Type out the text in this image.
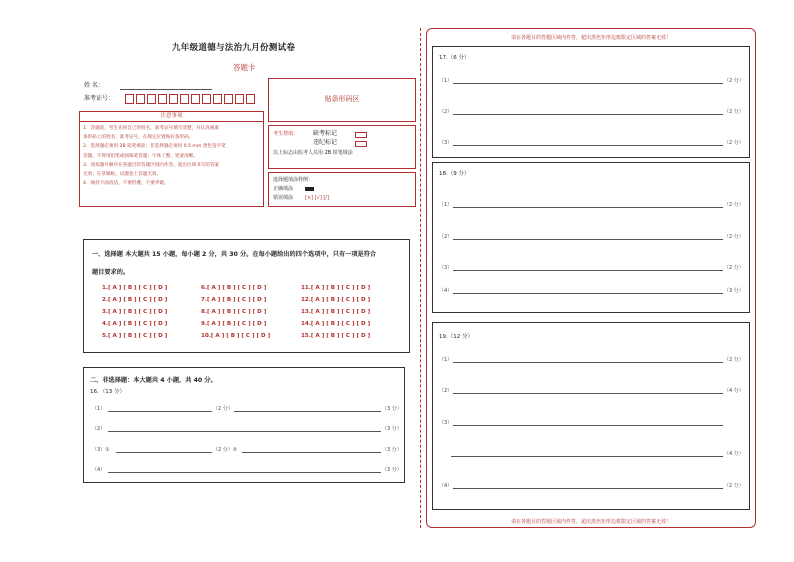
九年级道德与法治九月份测试卷
答题卡
姓 名：
准考证号：	贴条形码区
注意事项
1．答题前，考生先将自己的姓名，准考证号填写清楚，并认真核准
条形码上的姓名、准考证号，在规定位置贴好条形码。
2．选择题必须用 2B 铅笔填涂；非选择题必须用 0.5 mm 黑色签字笔
答题，不得用铅笔或圆珠笔答题；字体工整、笔迹清晰。
3．请按题号顺序在各题目的答题区域内作答，超出区域书写的答案
无效；在草稿纸、试题卷上答题无效。
4．保持卡面清洁，不要折叠、不要弄破。
考生禁填： 缺考标记
违纪标记
以上标志由监考人员用 2B 铅笔填涂
选择题填涂样例：
正确填涂
错误填涂 [×] [√] [/]
一、选择题 本大题共 15 小题，每小题 2 分，共 30 分。在每小题给出的四个选项中，只有一项是符合
题目要求的。
1.[ A ] [ B ] [ C ] [ D ]
2.[ A ] [ B ] [ C ] [ D ]
3.[ A ] [ B ] [ C ] [ D ]
4.[ A ] [ B ] [ C ] [ D ]
5.[ A ] [ B ] [ C ] [ D ]
6.[ A ] [ B ] [ C ] [ D ]
7.[ A ] [ B ] [ C ] [ D ]
8.[ A ] [ B ] [ C ] [ D ]
9.[ A ] [ B ] [ C ] [ D ]
10.[ A ] [ B ] [ C ] [ D ]
11.[ A ] [ B ] [ C ] [ D ]
12.[ A ] [ B ] [ C ] [ D ]
13.[ A ] [ B ] [ C ] [ D ]
14.[ A ] [ B ] [ C ] [ D ]
15.[ A ] [ B ] [ C ] [ D ]
二、非选择题：本大题共 4 小题，共 40 分。
16．（13 分）
（1）	（2 分）	（3 分）
（2）	（3 分）
（3）①	（2 分）②	（3 分）
（4）	（3 分）
请在各题目的答题区域内作答，超出黑色矩形边框限定区域的答案无效！
请在各题目的答题区域内作答，超出黑色矩形边框限定区域的答案无效！
17.（6 分）
（1）	（2 分）
（2）	（2 分）
（3）	（2 分）
18.（9 分）
（1）	（2 分）
（2）	（2 分）
（3）	（2 分）
（4）	（3 分）
19.（12 分）
（1）	（2 分）
（2）	（4 分）
（3）
（4 分）
（4）	（2 分）
